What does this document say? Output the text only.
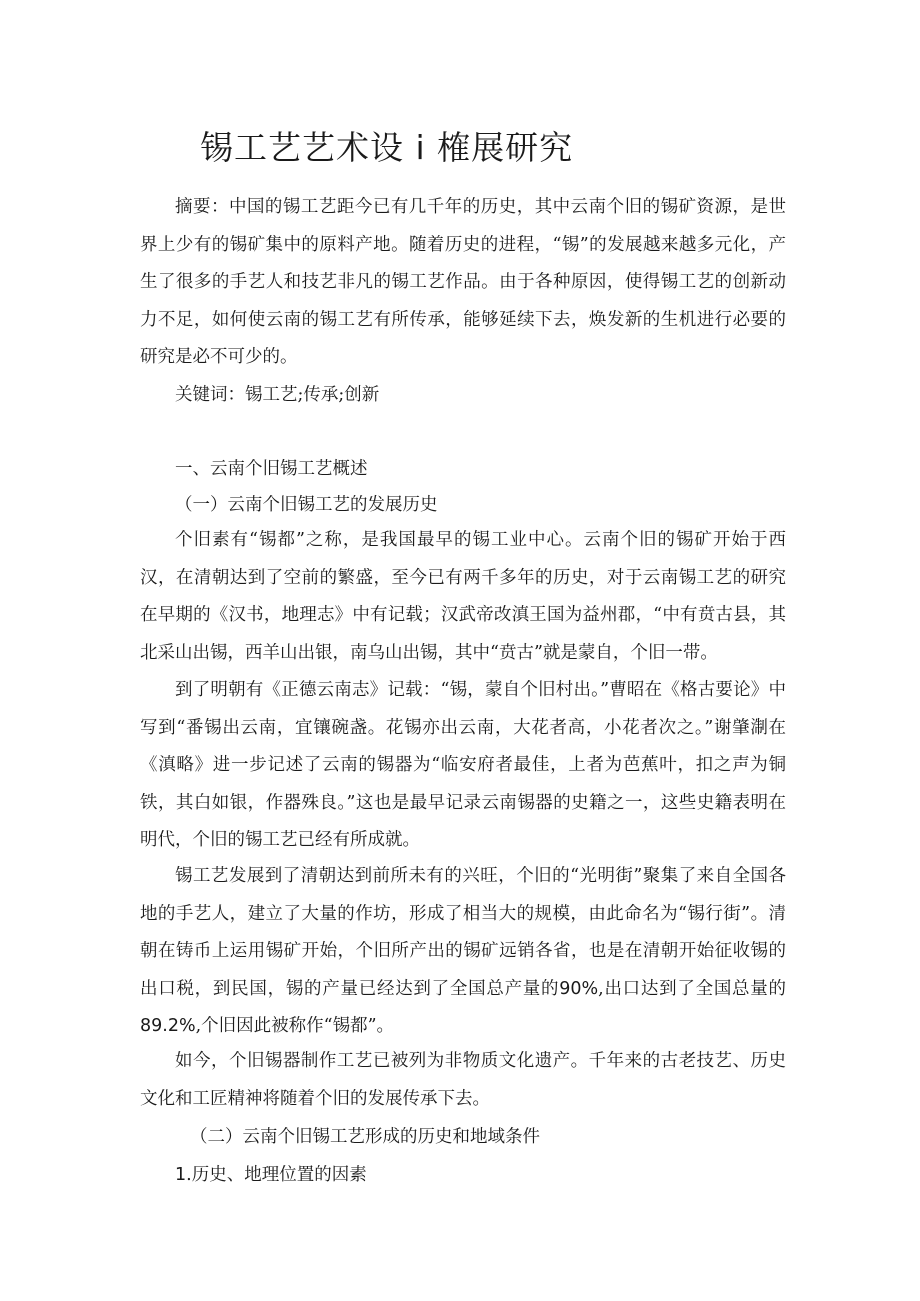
锡工艺艺术设 i 榷展研究

摘要：中国的锡工艺距今已有几千年的历史，其中云南个旧的锡矿资源，是世界上少有的锡矿集中的原料产地。随着历史的进程，“锡”的发展越来越多元化，产生了很多的手艺人和技艺非凡的锡工艺作品。由于各种原因，使得锡工艺的创新动力不足，如何使云南的锡工艺有所传承，能够延续下去，焕发新的生机进行必要的研究是必不可少的。

关键词：锡工艺;传承;创新

一、云南个旧锡工艺概述

（一）云南个旧锡工艺的发展历史

个旧素有“锡都”之称，是我国最早的锡工业中心。云南个旧的锡矿开始于西汉，在清朝达到了空前的繁盛，至今已有两千多年的历史，对于云南锡工艺的研究在早期的《汉书，地理志》中有记载；汉武帝改滇王国为益州郡，“中有贲古县，其北采山出锡，西羊山出银，南乌山出锡，其中“贲古”就是蒙自，个旧一带。

到了明朝有《正德云南志》记载：“锡，蒙自个旧村出。”曹昭在《格古要论》中写到“番锡出云南，宜镶碗盏。花锡亦出云南，大花者高，小花者次之。”谢肇淛在《滇略》进一步记述了云南的锡器为“临安府者最佳，上者为芭蕉叶，扣之声为铜铁，其白如银，作器殊良。”这也是最早记录云南锡器的史籍之一，这些史籍表明在明代，个旧的锡工艺已经有所成就。

锡工艺发展到了清朝达到前所未有的兴旺，个旧的“光明街”聚集了来自全国各地的手艺人，建立了大量的作坊，形成了相当大的规模，由此命名为“锡行街”。清朝在铸币上运用锡矿开始，个旧所产出的锡矿远销各省，也是在清朝开始征收锡的出口税，到民国，锡的产量已经达到了全国总产量的90%,出口达到了全国总量的89.2%,个旧因此被称作“锡都”。

如今，个旧锡器制作工艺已被列为非物质文化遗产。千年来的古老技艺、历史文化和工匠精神将随着个旧的发展传承下去。

（二）云南个旧锡工艺形成的历史和地域条件

1.历史、地理位置的因素
